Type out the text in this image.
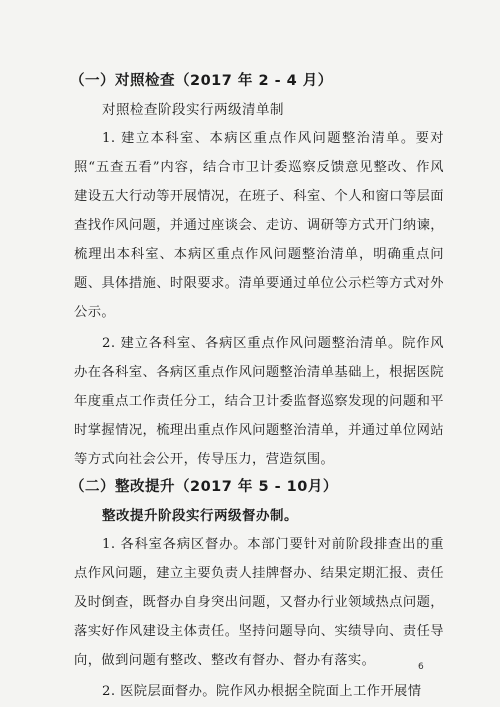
（一）对照检查（2017 年 2 - 4 月）
对照检查阶段实行两级清单制

1. 建立本科室、本病区重点作风问题整治清单。要对照“五查五看”内容，结合市卫计委巡察反馈意见整改、作风建设五大行动等开展情况，在班子、科室、个人和窗口等层面查找作风问题，并通过座谈会、走访、调研等方式开门纳谏，梳理出本科室、本病区重点作风问题整治清单，明确重点问题、具体措施、时限要求。清单要通过单位公示栏等方式对外公示。

2. 建立各科室、各病区重点作风问题整治清单。院作风办在各科室、各病区重点作风问题整治清单基础上，根据医院年度重点工作责任分工，结合卫计委监督巡察发现的问题和平时掌握情况，梳理出重点作风问题整治清单，并通过单位网站等方式向社会公开，传导压力，营造氛围。

（二）整改提升（2017 年 5 - 10月）
整改提升阶段实行两级督办制。

1. 各科室各病区督办。本部门要针对前阶段排查出的重点作风问题，建立主要负责人挂牌督办、结果定期汇报、责任及时倒查，既督办自身突出问题，又督办行业领域热点问题，落实好作风建设主体责任。坚持问题导向、实绩导向、责任导向，做到问题有整改、整改有督办、督办有落实。

2. 医院层面督办。院作风办根据全院面上工作开展情

6
